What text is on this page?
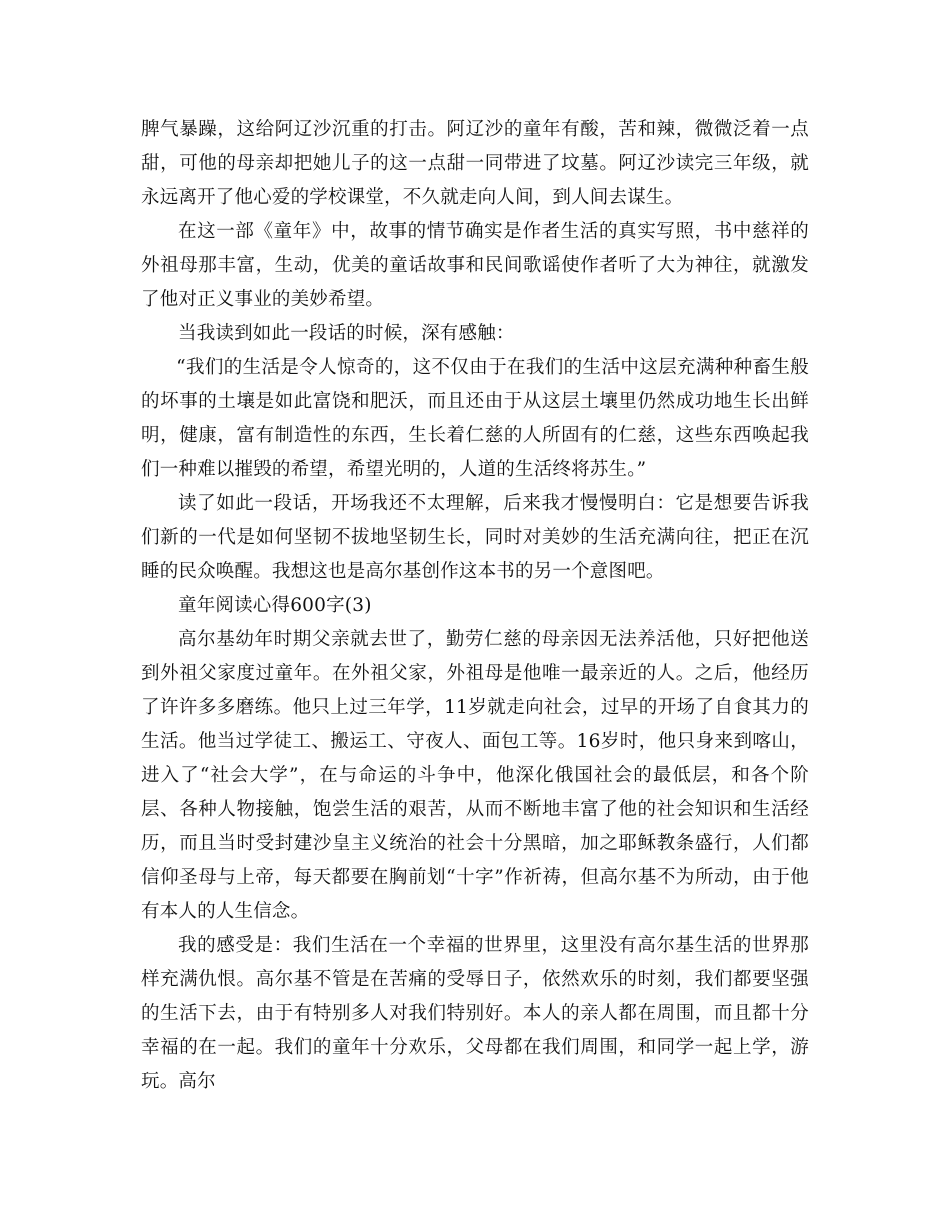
脾气暴躁，这给阿辽沙沉重的打击。阿辽沙的童年有酸，苦和辣，微微泛着一点甜，可他的母亲却把她儿子的这一点甜一同带进了坟墓。阿辽沙读完三年级，就永远离开了他心爱的学校课堂，不久就走向人间，到人间去谋生。

在这一部《童年》中，故事的情节确实是作者生活的真实写照，书中慈祥的外祖母那丰富，生动，优美的童话故事和民间歌谣使作者听了大为神往，就激发了他对正义事业的美妙希望。

当我读到如此一段话的时候，深有感触：

“我们的生活是令人惊奇的，这不仅由于在我们的生活中这层充满种种畜生般的坏事的土壤是如此富饶和肥沃，而且还由于从这层土壤里仍然成功地生长出鲜明，健康，富有制造性的东西，生长着仁慈的人所固有的仁慈，这些东西唤起我们一种难以摧毁的希望，希望光明的，人道的生活终将苏生。”

读了如此一段话，开场我还不太理解，后来我才慢慢明白：它是想要告诉我们新的一代是如何坚韧不拔地坚韧生长，同时对美妙的生活充满向往，把正在沉睡的民众唤醒。我想这也是高尔基创作这本书的另一个意图吧。

童年阅读心得600字(3)

高尔基幼年时期父亲就去世了，勤劳仁慈的母亲因无法养活他，只好把他送到外祖父家度过童年。在外祖父家，外祖母是他唯一最亲近的人。之后，他经历了许许多多磨练。他只上过三年学，11岁就走向社会，过早的开场了自食其力的生活。他当过学徒工、搬运工、守夜人、面包工等。16岁时，他只身来到喀山，进入了“社会大学”，在与命运的斗争中，他深化俄国社会的最低层，和各个阶层、各种人物接触，饱尝生活的艰苦，从而不断地丰富了他的社会知识和生活经历，而且当时受封建沙皇主义统治的社会十分黑暗，加之耶稣教条盛行，人们都信仰圣母与上帝，每天都要在胸前划“十字”作祈祷，但高尔基不为所动，由于他有本人的人生信念。

我的感受是：我们生活在一个幸福的世界里，这里没有高尔基生活的世界那样充满仇恨。高尔基不管是在苦痛的受辱日子，依然欢乐的时刻，我们都要坚强的生活下去，由于有特别多人对我们特别好。本人的亲人都在周围，而且都十分幸福的在一起。我们的童年十分欢乐，父母都在我们周围，和同学一起上学，游玩。高尔
